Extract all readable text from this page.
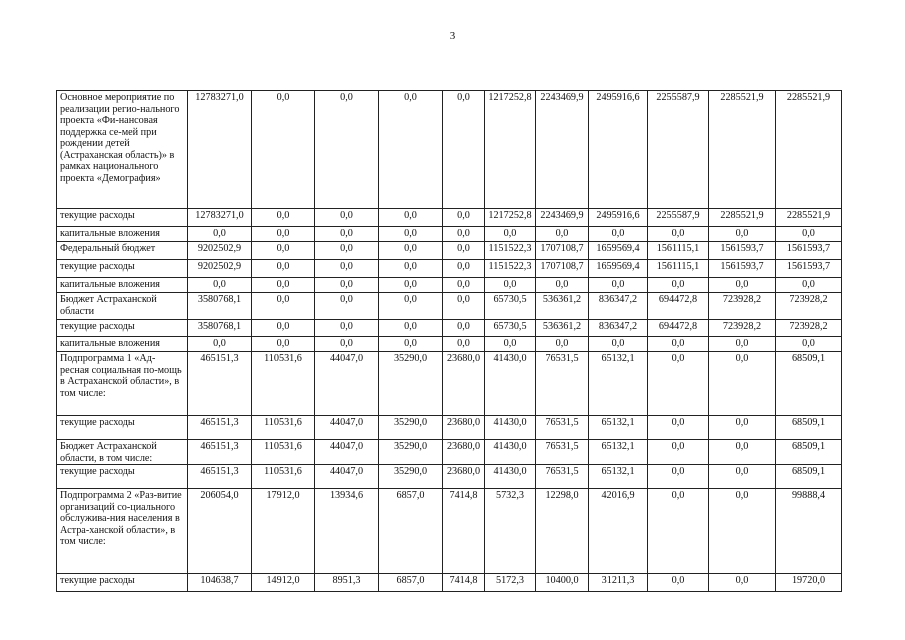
3
Основное мероприятие по реализации регио-нального проекта «Фи-нансовая поддержка се-мей при рождении детей (Астраханская область)» в рамках национального проекта «Демография»	12783271,0	0,0	0,0	0,0	0,0	1217252,8	2243469,9	2495916,6	2255587,9	2285521,9	2285521,9
текущие расходы	12783271,0	0,0	0,0	0,0	0,0	1217252,8	2243469,9	2495916,6	2255587,9	2285521,9	2285521,9
капитальные вложения	0,0	0,0	0,0	0,0	0,0	0,0	0,0	0,0	0,0	0,0	0,0
Федеральный бюджет	9202502,9	0,0	0,0	0,0	0,0	1151522,3	1707108,7	1659569,4	1561115,1	1561593,7	1561593,7
текущие расходы	9202502,9	0,0	0,0	0,0	0,0	1151522,3	1707108,7	1659569,4	1561115,1	1561593,7	1561593,7
капитальные вложения	0,0	0,0	0,0	0,0	0,0	0,0	0,0	0,0	0,0	0,0	0,0
Бюджет Астраханской области	3580768,1	0,0	0,0	0,0	0,0	65730,5	536361,2	836347,2	694472,8	723928,2	723928,2
текущие расходы	3580768,1	0,0	0,0	0,0	0,0	65730,5	536361,2	836347,2	694472,8	723928,2	723928,2
капитальные вложения	0,0	0,0	0,0	0,0	0,0	0,0	0,0	0,0	0,0	0,0	0,0
Подпрограмма 1 «Ад-ресная социальная по-мощь в Астраханской области», в том числе:	465151,3	110531,6	44047,0	35290,0	23680,0	41430,0	76531,5	65132,1	0,0	0,0	68509,1
текущие расходы	465151,3	110531,6	44047,0	35290,0	23680,0	41430,0	76531,5	65132,1	0,0	0,0	68509,1
Бюджет Астраханской области, в том числе:	465151,3	110531,6	44047,0	35290,0	23680,0	41430,0	76531,5	65132,1	0,0	0,0	68509,1
текущие расходы	465151,3	110531,6	44047,0	35290,0	23680,0	41430,0	76531,5	65132,1	0,0	0,0	68509,1
Подпрограмма 2 «Раз-витие организаций со-циального обслужива-ния населения в Астра-ханской области», в том числе:	206054,0	17912,0	13934,6	6857,0	7414,8	5732,3	12298,0	42016,9	0,0	0,0	99888,4
текущие расходы	104638,7	14912,0	8951,3	6857,0	7414,8	5172,3	10400,0	31211,3	0,0	0,0	19720,0
